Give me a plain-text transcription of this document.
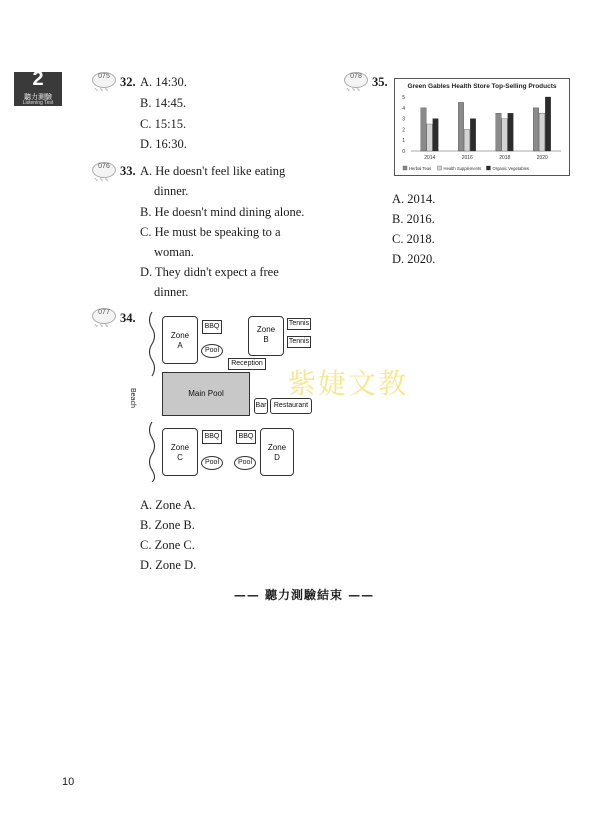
2
聽力測驗
Listening Test
075
∿∿∿
32. A. 14:30.
B. 14:45.
C. 15:15.
D. 16:30.
076
∿∿∿
33. A. He doesn't feel like eating
dinner.
B. He doesn't mind dining alone.
C. He must be speaking to a
woman.
D. They didn't expect a free
dinner.
077
∿∿∿
34.
Beach
Zone
A
BBQ
Pool
Zone
B
Tennis
Tennis
Reception
Main Pool
Bar	Restaurant
Zone
C
BBQ
Pool
BBQ
Pool
Zone
D
A. Zone A.
B. Zone B.
C. Zone C.
D. Zone D.
078
∿∿∿
35.	Green Gables Health Store Top-Selling Products
5
4
3
2
1
0
2014	2016	2018	2020
Herbal Teas	Health Supplements	Organic Vegetables
A. 2014.
B. 2016.
C. 2018.
D. 2020.
紫婕文教
—— 聽力測驗結束 ——
10
